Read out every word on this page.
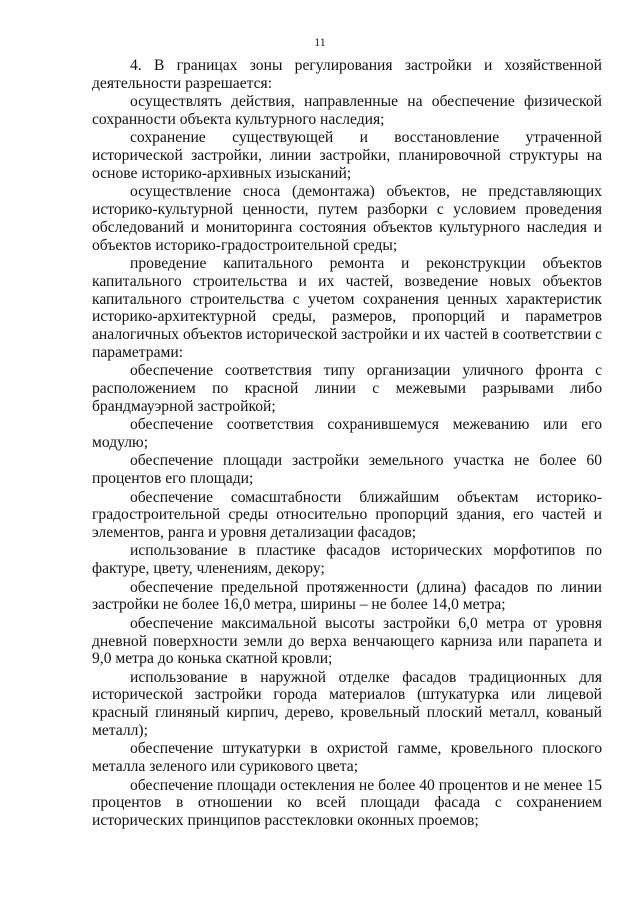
11

4. В границах зоны регулирования застройки и хозяйственной деятельности разрешается:

осуществлять действия, направленные на обеспечение физической сохранности объекта культурного наследия;

сохранение существующей и восстановление утраченной исторической застройки, линии застройки, планировочной структуры на основе историко-архивных изысканий;

осуществление сноса (демонтажа) объектов, не представляющих историко-культурной ценности, путем разборки с условием проведения обследований и мониторинга состояния объектов культурного наследия и объектов историко-градостроительной среды;

проведение капитального ремонта и реконструкции объектов капитального строительства и их частей, возведение новых объектов капитального строительства с учетом сохранения ценных характеристик историко-архитектурной среды, размеров, пропорций и параметров аналогичных объектов исторической застройки и их частей в соответствии с параметрами:

обеспечение соответствия типу организации уличного фронта с расположением по красной линии с межевыми разрывами либо брандмауэрной застройкой;

обеспечение соответствия сохранившемуся межеванию или его модулю;

обеспечение площади застройки земельного участка не более 60 процентов его площади;

обеспечение сомасштабности ближайшим объектам историко-градостроительной среды относительно пропорций здания, его частей и элементов, ранга и уровня детализации фасадов;

использование в пластике фасадов исторических морфотипов по фактуре, цвету, членениям, декору;

обеспечение предельной протяженности (длина) фасадов по линии застройки не более 16,0 метра, ширины – не более 14,0 метра;

обеспечение максимальной высоты застройки 6,0 метра от уровня дневной поверхности земли до верха венчающего карниза или парапета и 9,0 метра до конька скатной кровли;

использование в наружной отделке фасадов традиционных для исторической застройки города материалов (штукатурка или лицевой красный глиняный кирпич, дерево, кровельный плоский металл, кованый металл);

обеспечение штукатурки в охристой гамме, кровельного плоского металла зеленого или сурикового цвета;

обеспечение площади остекления не более 40 процентов и не менее 15 процентов в отношении ко всей площади фасада с сохранением исторических принципов расстекловки оконных проемов;
